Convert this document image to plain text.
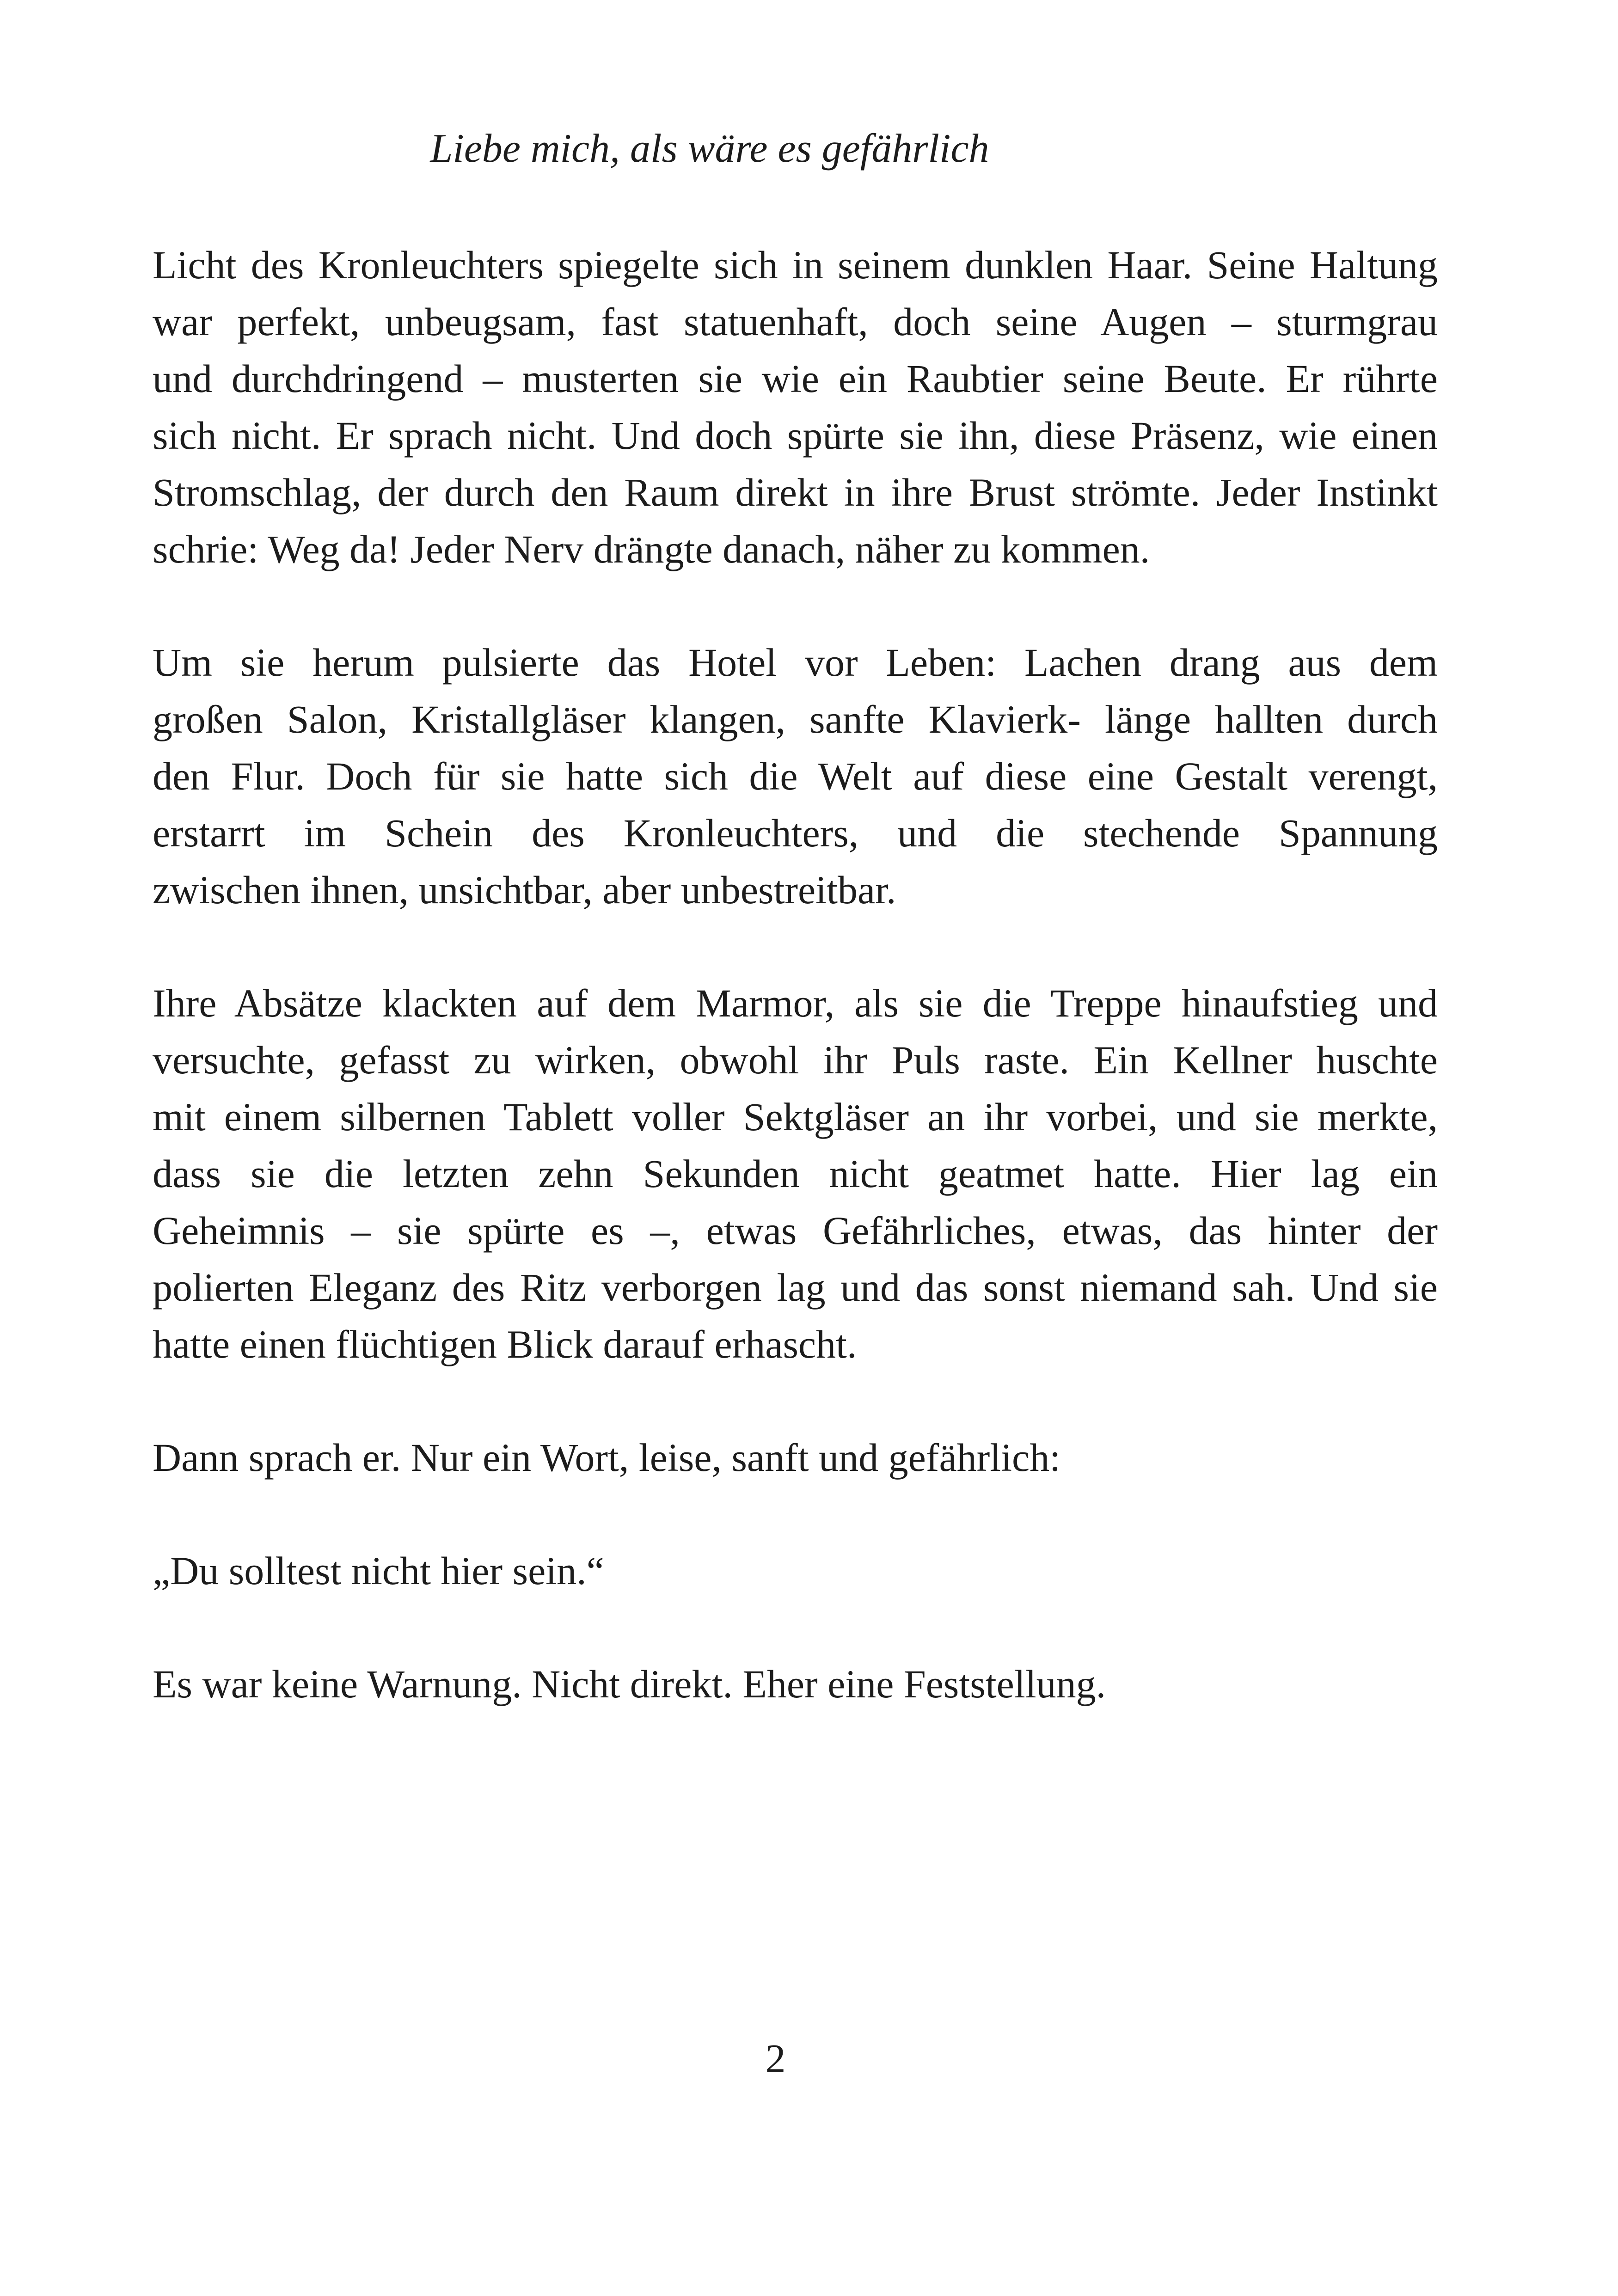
Liebe mich, als wäre es gefährlich

Licht des Kronleuchters spiegelte sich in seinem dunklen Haar. Seine Haltung
war perfekt, unbeugsam, fast statuenhaft, doch seine Augen – sturmgrau
und durchdringend – musterten sie wie ein Raubtier seine Beute. Er rührte
sich nicht. Er sprach nicht. Und doch spürte sie ihn, diese Präsenz, wie einen
Stromschlag, der durch den Raum direkt in ihre Brust strömte. Jeder Instinkt
schrie: Weg da! Jeder Nerv drängte danach, näher zu kommen.

Um sie herum pulsierte das Hotel vor Leben: Lachen drang aus dem
großen Salon, Kristallgläser klangen, sanfte Klavierk- länge hallten durch
den Flur. Doch für sie hatte sich die Welt auf diese eine Gestalt verengt,
erstarrt im Schein des Kronleuchters, und die stechende Spannung
zwischen ihnen, unsichtbar, aber unbestreitbar.

Ihre Absätze klackten auf dem Marmor, als sie die Treppe hinaufstieg und
versuchte, gefasst zu wirken, obwohl ihr Puls raste. Ein Kellner huschte
mit einem silbernen Tablett voller Sektgläser an ihr vorbei, und sie merkte,
dass sie die letzten zehn Sekunden nicht geatmet hatte. Hier lag ein
Geheimnis – sie spürte es –, etwas Gefährliches, etwas, das hinter der
polierten Eleganz des Ritz verborgen lag und das sonst niemand sah. Und sie
hatte einen flüchtigen Blick darauf erhascht.

Dann sprach er. Nur ein Wort, leise, sanft und gefährlich:

„Du solltest nicht hier sein.“

Es war keine Warnung. Nicht direkt. Eher eine Feststellung.

2
